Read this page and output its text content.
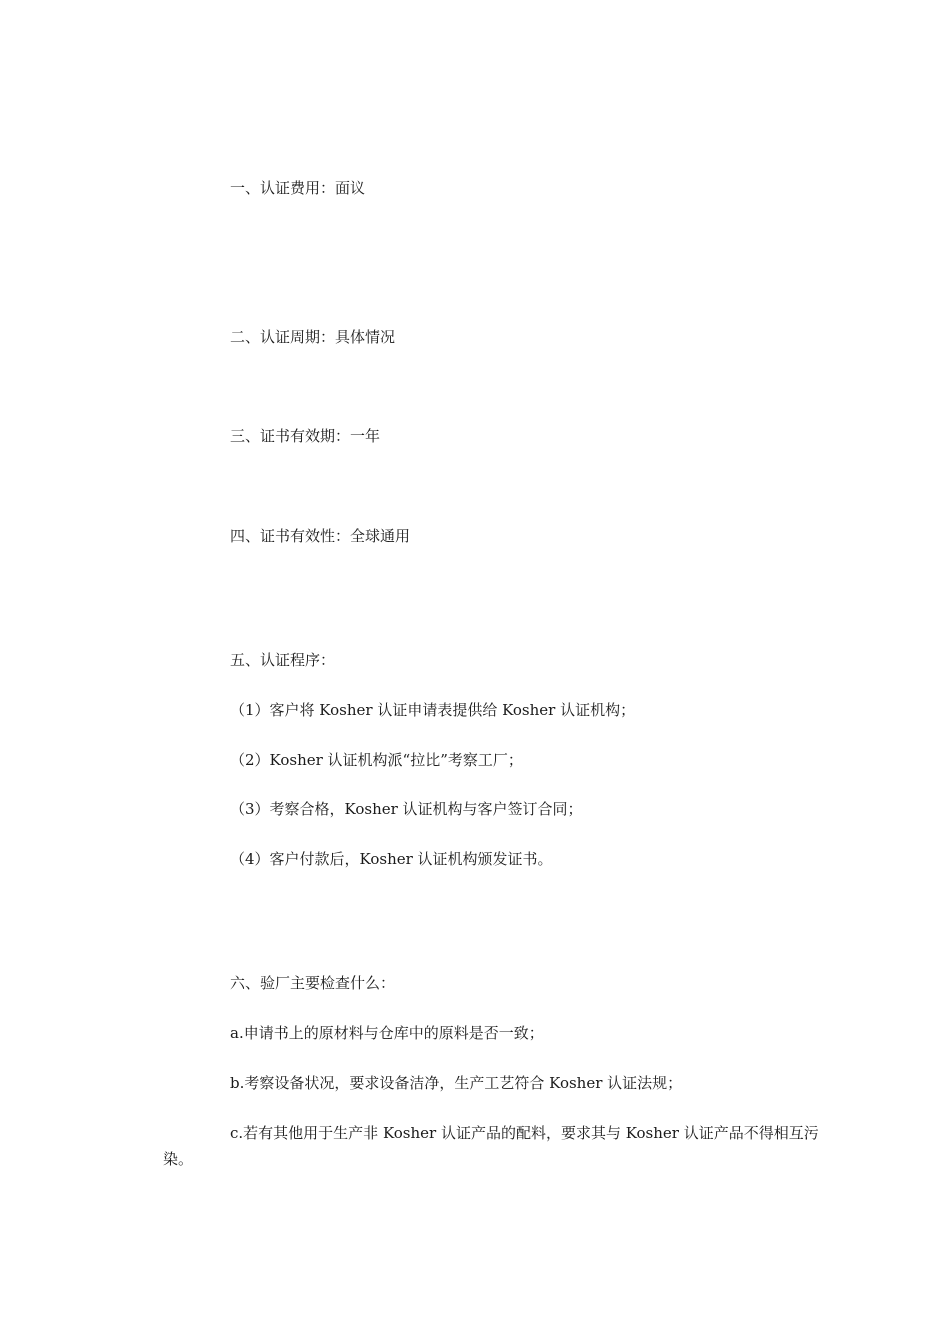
一、认证费用：面议
二、认证周期：具体情况
三、证书有效期：一年
四、证书有效性：全球通用
五、认证程序：
（1）客户将 Kosher 认证申请表提供给 Kosher 认证机构；
（2）Kosher 认证机构派“拉比”考察工厂；
（3）考察合格，Kosher 认证机构与客户签订合同；
（4）客户付款后，Kosher 认证机构颁发证书。
六、验厂主要检查什么：
a.申请书上的原材料与仓库中的原料是否一致；
b.考察设备状况，要求设备洁净，生产工艺符合 Kosher 认证法规；
c.若有其他用于生产非 Kosher 认证产品的配料，要求其与 Kosher 认证产品不得相互污染。
